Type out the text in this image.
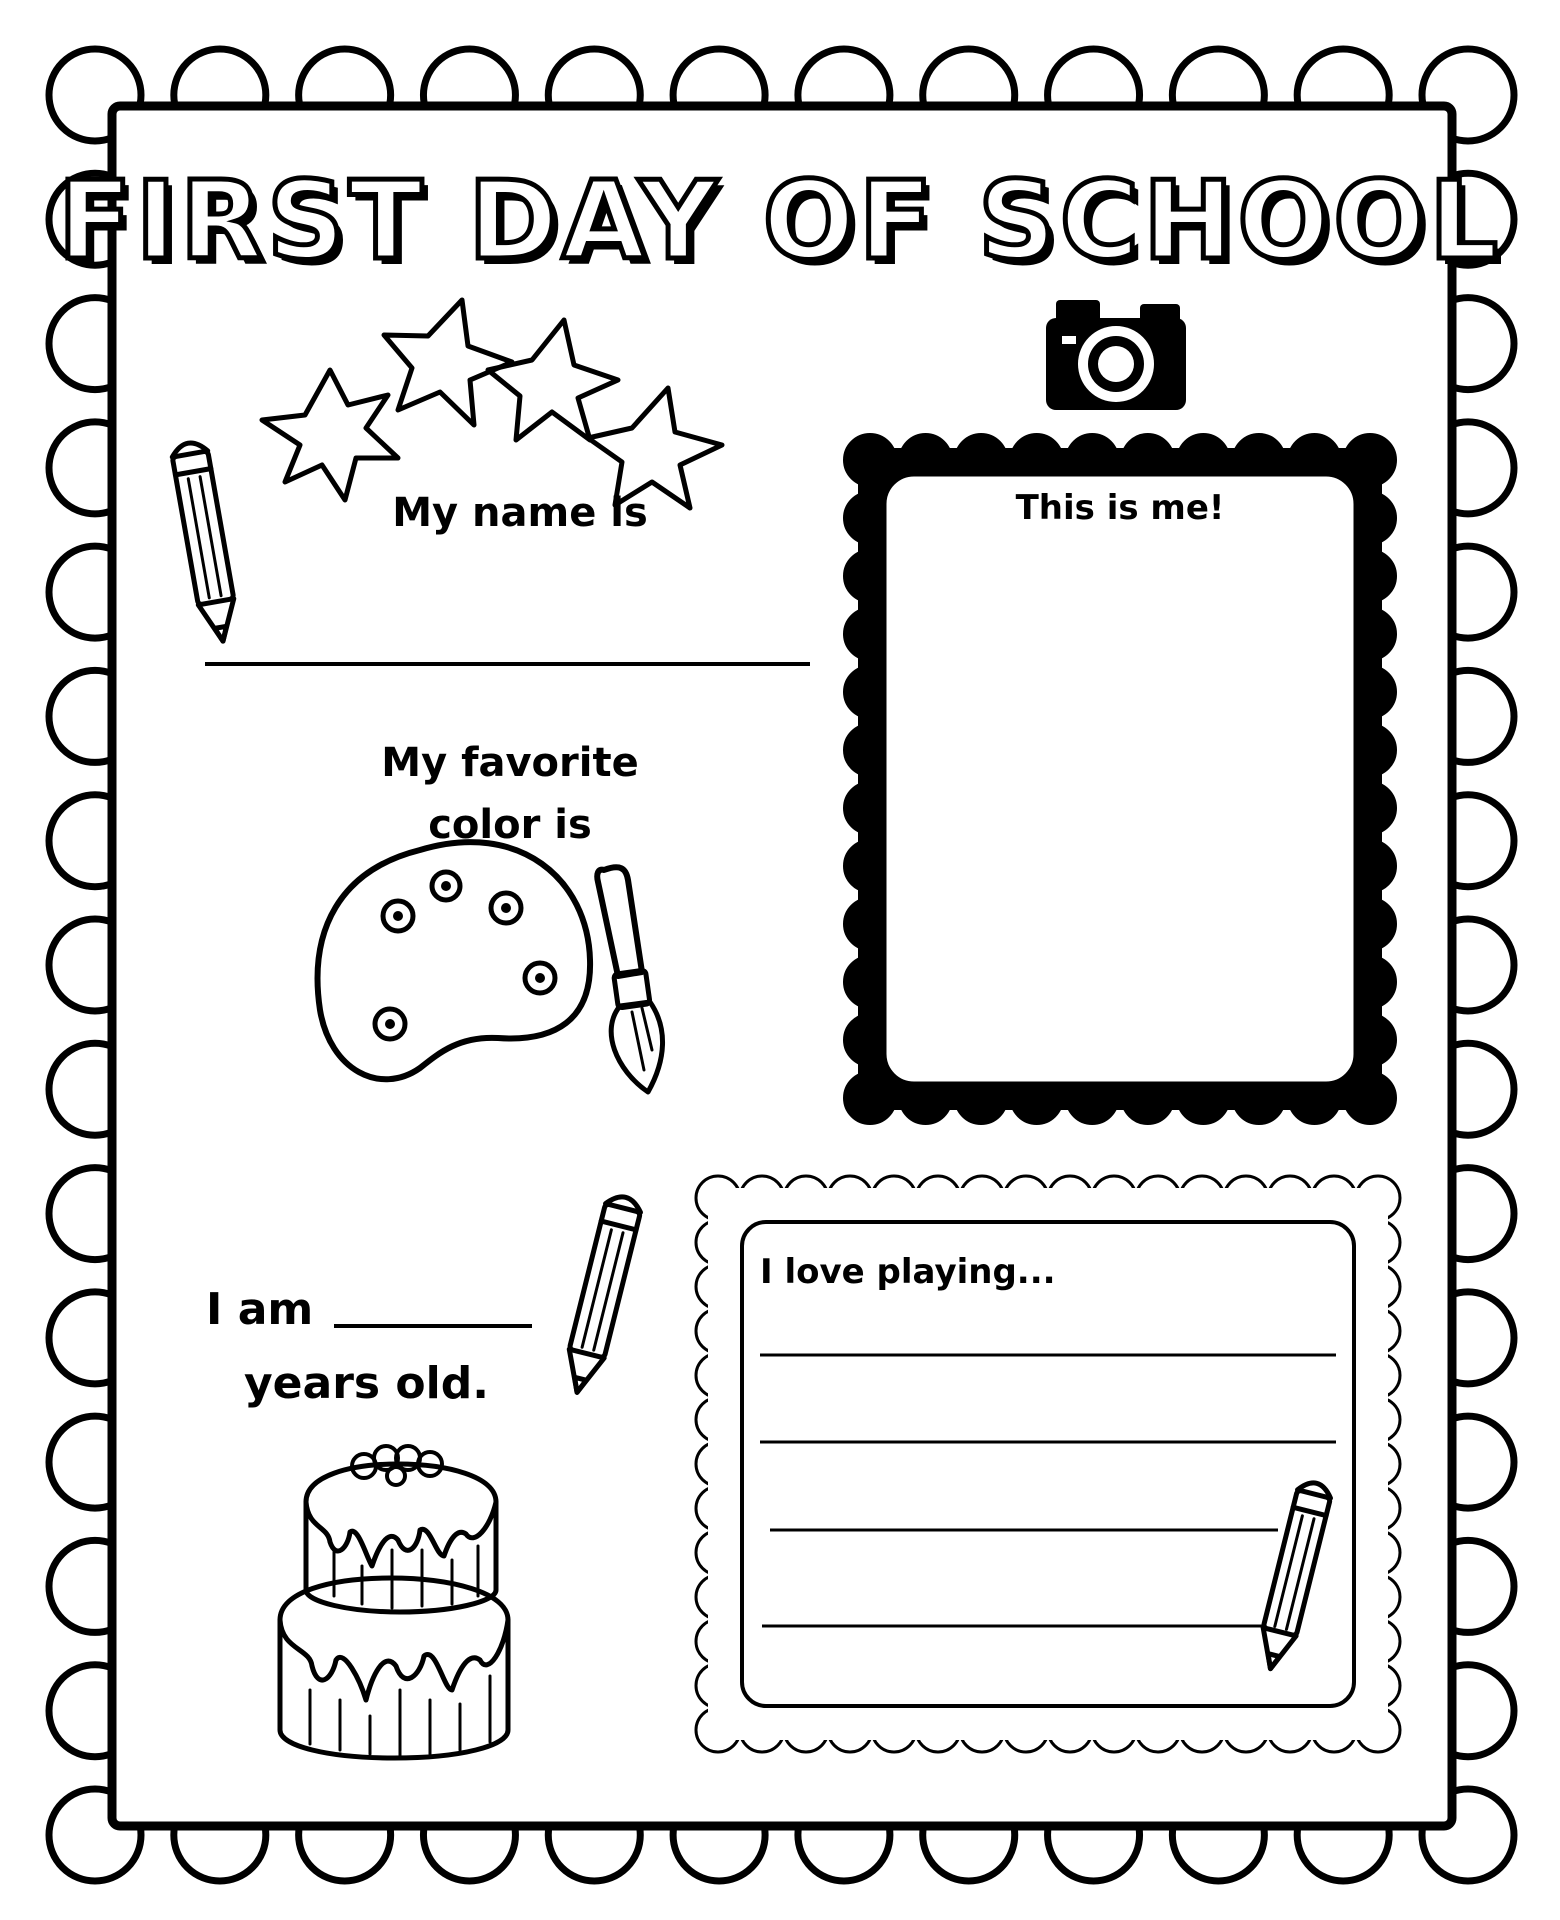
FIRST DAY OF SCHOOL
My name is
My favorite color is
This is me!
I am
years old.
I love playing...
